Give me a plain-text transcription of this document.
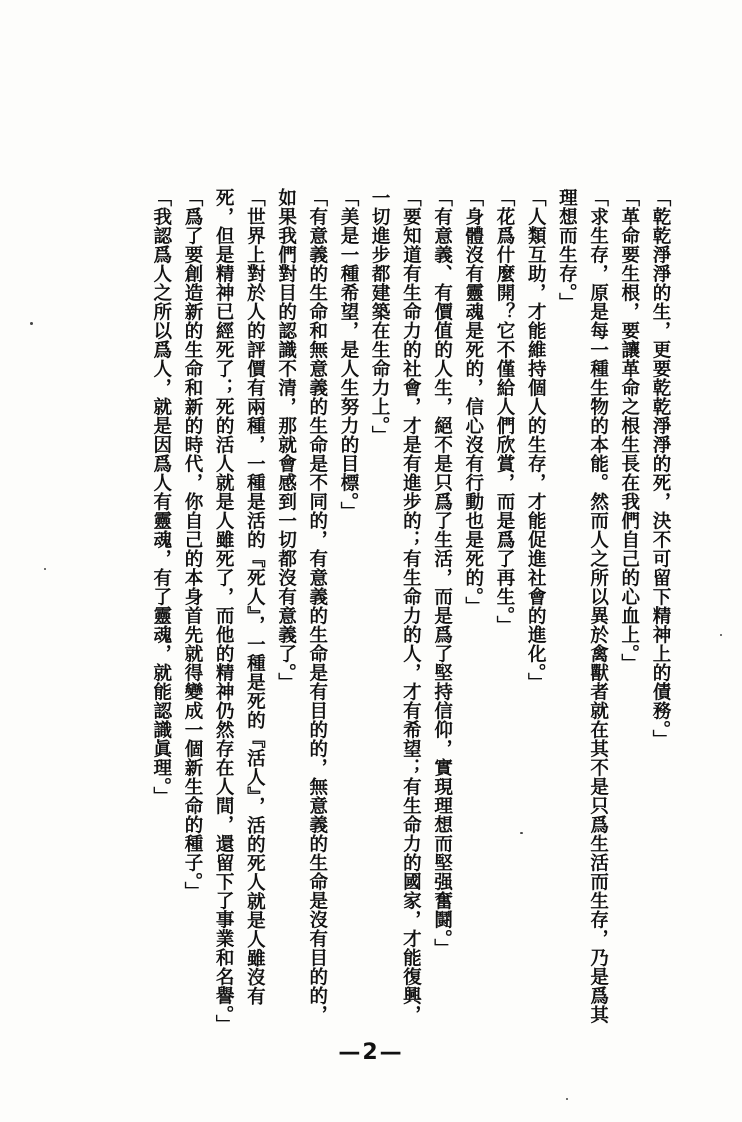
「乾乾淨淨的生，更要乾乾淨淨的死，決不可留下精神上的債務。」

「革命要生根，要讓革命之根生長在我們自己的心血上。」

「求生存，原是每一種生物的本能。然而人之所以異於禽獸者就在其不是只爲生活而生存，乃是爲其理想而生存。」

「人類互助，才能維持個人的生存，才能促進社會的進化。」

「花爲什麼開？它不僅給人們欣賞，而是爲了再生。」

「身體沒有靈魂是死的，信心沒有行動也是死的。」

「有意義、有價值的人生，絕不是只爲了生活，而是爲了堅持信仰，實現理想而堅强奮鬪。」

「要知道有生命力的社會，才是有進步的；有生命力的人，才有希望；有生命力的國家，才能復興，一切進步都建築在生命力上。」

「美是一種希望，是人生努力的目標。」

「有意義的生命和無意義的生命是不同的，有意義的生命是有目的的，無意義的生命是沒有目的的，如果我們對目的認識不清，那就會感到一切都沒有意義了。」

「世界上對於人的評價有兩種，一種是活的『死人』，一種是死的『活人』，活的死人就是人雖沒有死，但是精神已經死了；死的活人就是人雖死了，而他的精神仍然存在人間，還留下了事業和名譽。」

「爲了要創造新的生命和新的時代，你自己的本身首先就得變成一個新生命的種子。」

「我認爲人之所以爲人，就是因爲人有靈魂，有了靈魂，就能認識眞理。」

—2—
